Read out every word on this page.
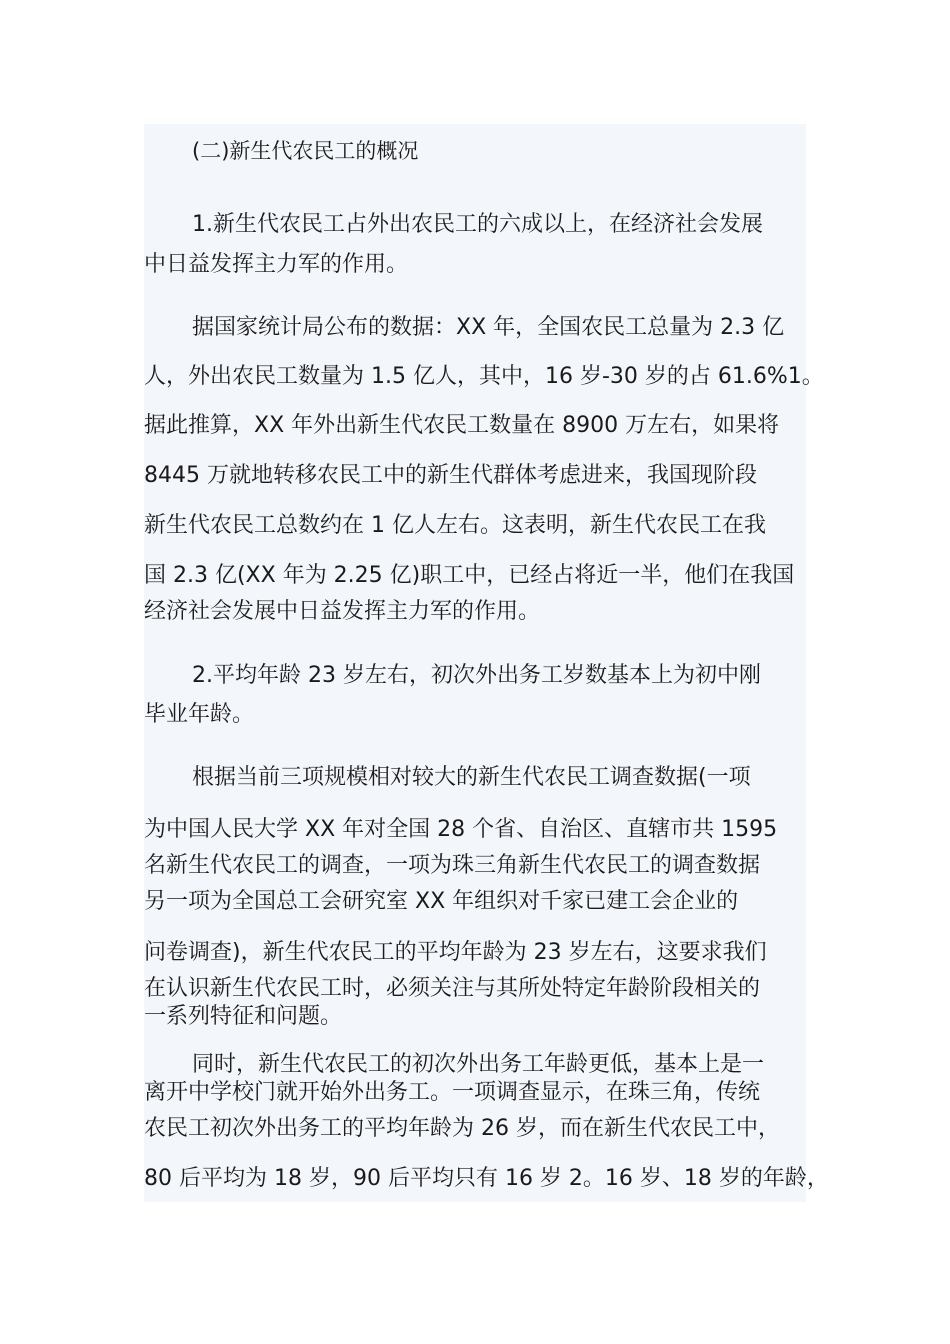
(二)新生代农民工的概况
1.新生代农民工占外出农民工的六成以上，在经济社会发展
中日益发挥主力军的作用。
据国家统计局公布的数据：XX 年，全国农民工总量为 2.3 亿
人，外出农民工数量为 1.5 亿人，其中，16 岁-30 岁的占 61.6%1。
据此推算，XX 年外出新生代农民工数量在 8900 万左右，如果将
8445 万就地转移农民工中的新生代群体考虑进来，我国现阶段
新生代农民工总数约在 1 亿人左右。这表明，新生代农民工在我
国 2.3 亿(XX 年为 2.25 亿)职工中，已经占将近一半，他们在我国
经济社会发展中日益发挥主力军的作用。
2.平均年龄 23 岁左右，初次外出务工岁数基本上为初中刚
毕业年龄。
根据当前三项规模相对较大的新生代农民工调查数据(一项
为中国人民大学 XX 年对全国 28 个省、自治区、直辖市共 1595
名新生代农民工的调查，一项为珠三角新生代农民工的调查数据
另一项为全国总工会研究室 XX 年组织对千家已建工会企业的
问卷调查)，新生代农民工的平均年龄为 23 岁左右，这要求我们
在认识新生代农民工时，必须关注与其所处特定年龄阶段相关的
一系列特征和问题。
同时，新生代农民工的初次外出务工年龄更低，基本上是一
离开中学校门就开始外出务工。一项调查显示，在珠三角，传统
农民工初次外出务工的平均年龄为 26 岁，而在新生代农民工中，
80 后平均为 18 岁，90 后平均只有 16 岁 2。16 岁、18 岁的年龄，
